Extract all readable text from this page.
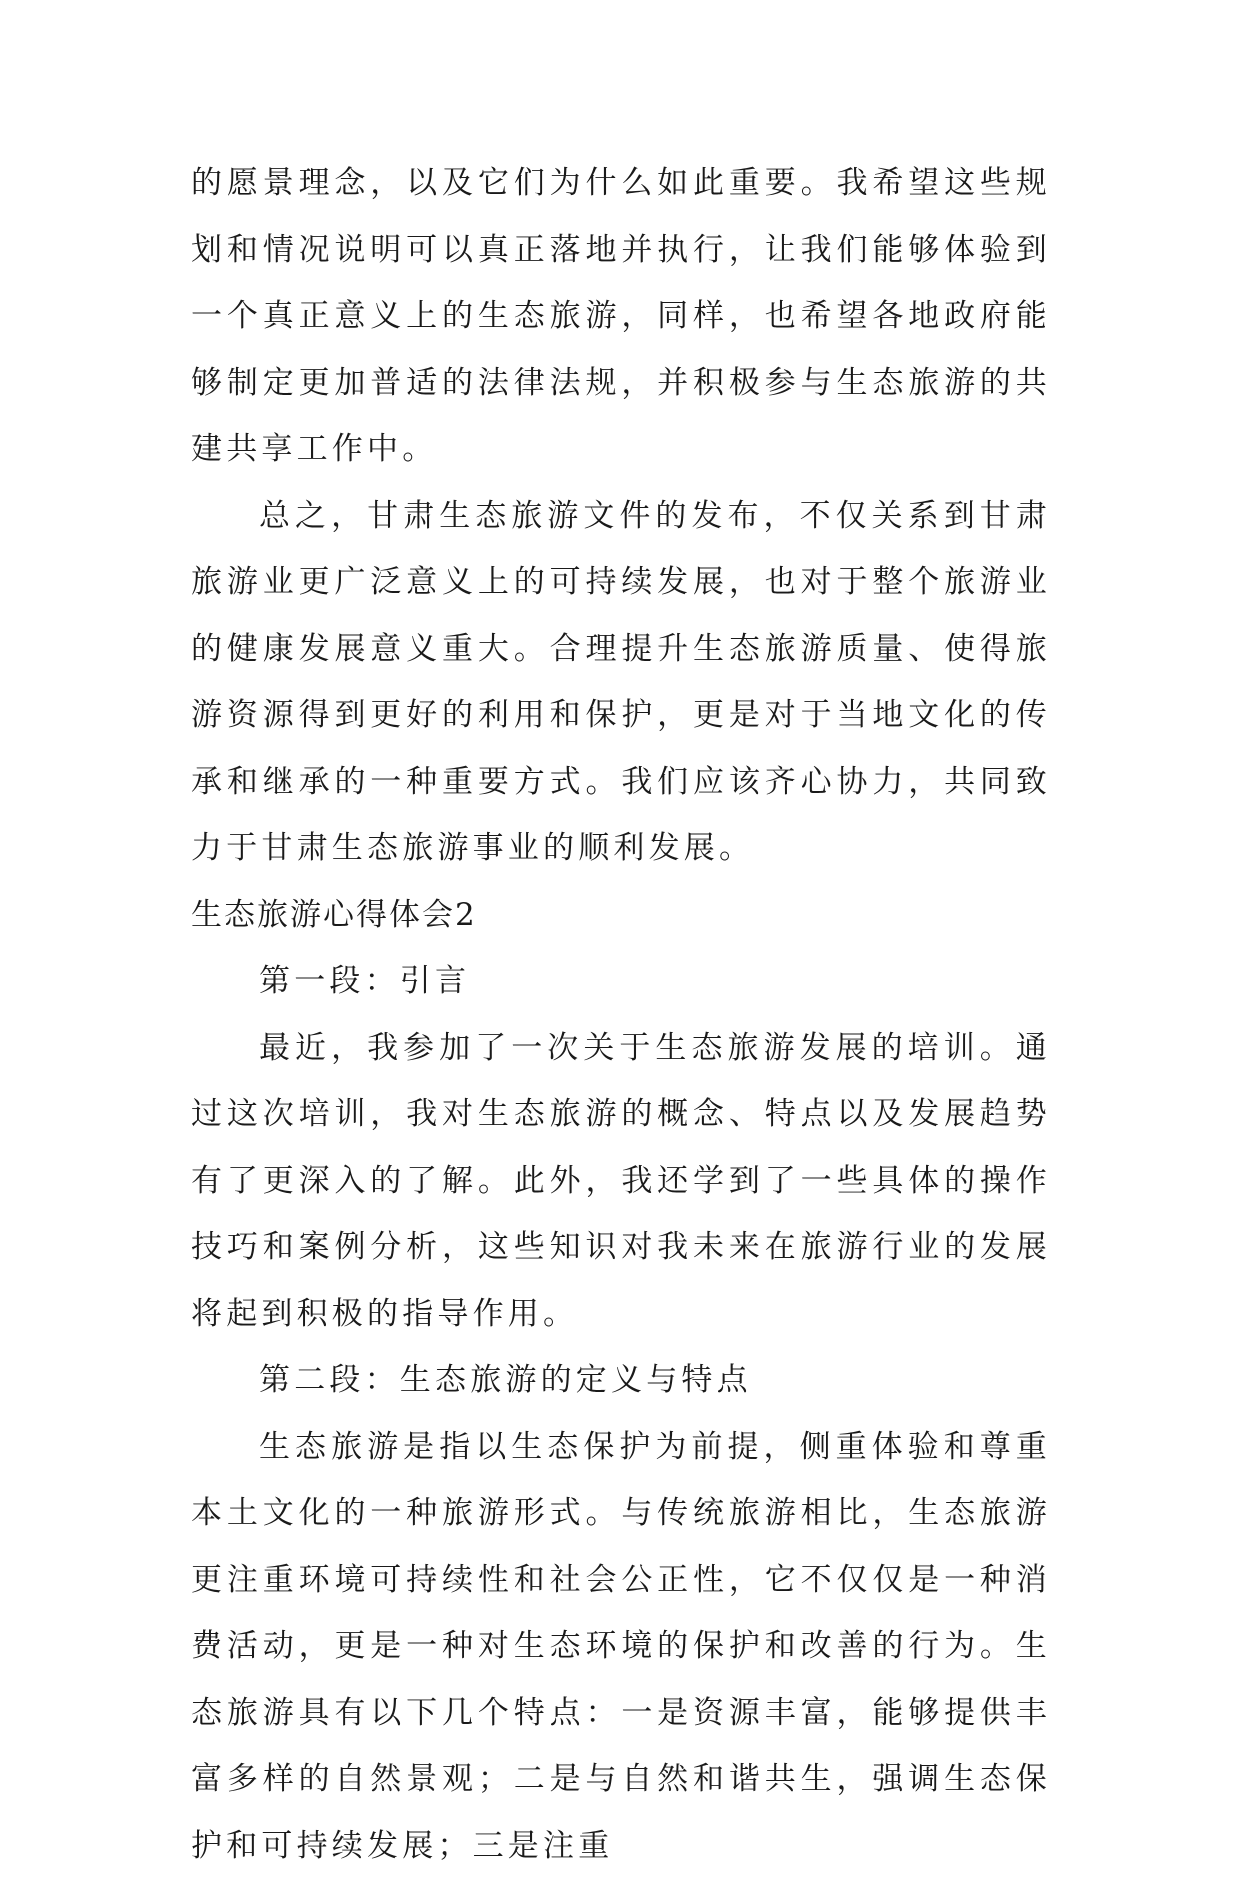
的愿景理念，以及它们为什么如此重要。我希望这些规划和情况说明可以真正落地并执行，让我们能够体验到一个真正意义上的生态旅游，同样，也希望各地政府能够制定更加普适的法律法规，并积极参与生态旅游的共建共享工作中。

总之，甘肃生态旅游文件的发布，不仅关系到甘肃旅游业更广泛意义上的可持续发展，也对于整个旅游业的健康发展意义重大。合理提升生态旅游质量、使得旅游资源得到更好的利用和保护，更是对于当地文化的传承和继承的一种重要方式。我们应该齐心协力，共同致力于甘肃生态旅游事业的顺利发展。

生态旅游心得体会2

第一段：引言

最近，我参加了一次关于生态旅游发展的培训。通过这次培训，我对生态旅游的概念、特点以及发展趋势有了更深入的了解。此外，我还学到了一些具体的操作技巧和案例分析，这些知识对我未来在旅游行业的发展将起到积极的指导作用。

第二段：生态旅游的定义与特点

生态旅游是指以生态保护为前提，侧重体验和尊重本土文化的一种旅游形式。与传统旅游相比，生态旅游更注重环境可持续性和社会公正性，它不仅仅是一种消费活动，更是一种对生态环境的保护和改善的行为。生态旅游具有以下几个特点：一是资源丰富，能够提供丰富多样的自然景观；二是与自然和谐共生，强调生态保护和可持续发展；三是注重
